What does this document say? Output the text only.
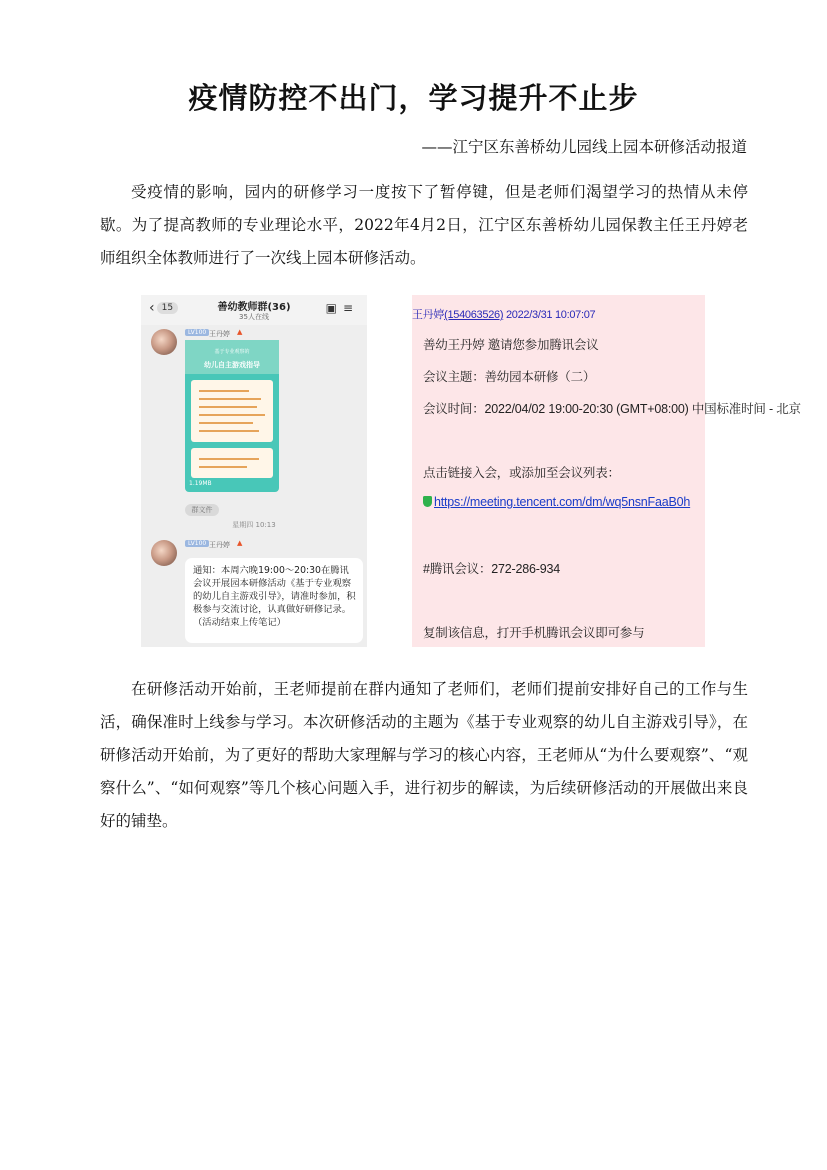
疫情防控不出门，学习提升不止步
——江宁区东善桥幼儿园线上园本研修活动报道

受疫情的影响，园内的研修学习一度按下了暂停键，但是老师们渴望学习的热情从未停歇。为了提高教师的专业理论水平，2022年4月2日，江宁区东善桥幼儿园保教主任王丹婷老师组织全体教师进行了一次线上园本研修活动。

‹ 15	善幼教师群(36)
35人在线
▣≡
LV100 王丹婷 ▲
基于专业观察的
幼儿自主游戏指导
1.19MB
群文件
星期四 10:13
LV100 王丹婷 ▲
通知：本周六晚19:00～20:30在腾讯会议开展园本研修活动《基于专业观察的幼儿自主游戏引导》，请准时参加，积极参与交流讨论，认真做好研修记录。（活动结束上传笔记）
王丹婷(15406352​6) 2022/3/31 10:07:07
善幼王丹婷 邀请您参加腾讯会议
会议主题：善幼园本研修（二）
会议时间：2022/04/02 19:00-20:30 (GMT+08:00) 中国标准时间 - 北京
点击链接入会，或添加至会议列表：
https://meeting.tencent.com/dm/wq5nsnFaaB0h
#腾讯会议：272-286-934
复制该信息，打开手机腾讯会议即可参与

在研修活动开始前，王老师提前在群内通知了老师们，老师们提前安排好自己的工作与生活，确保准时上线参与学习。本次研修活动的主题为《基于专业观察的幼儿自主游戏引导》，在研修活动开始前，为了更好的帮助大家理解与学习的核心内容，王老师从“为什么要观察”、“观察什么”、“如何观察”等几个核心问题入手，进行初步的解读，为后续研修活动的开展做出来良好的铺垫。
